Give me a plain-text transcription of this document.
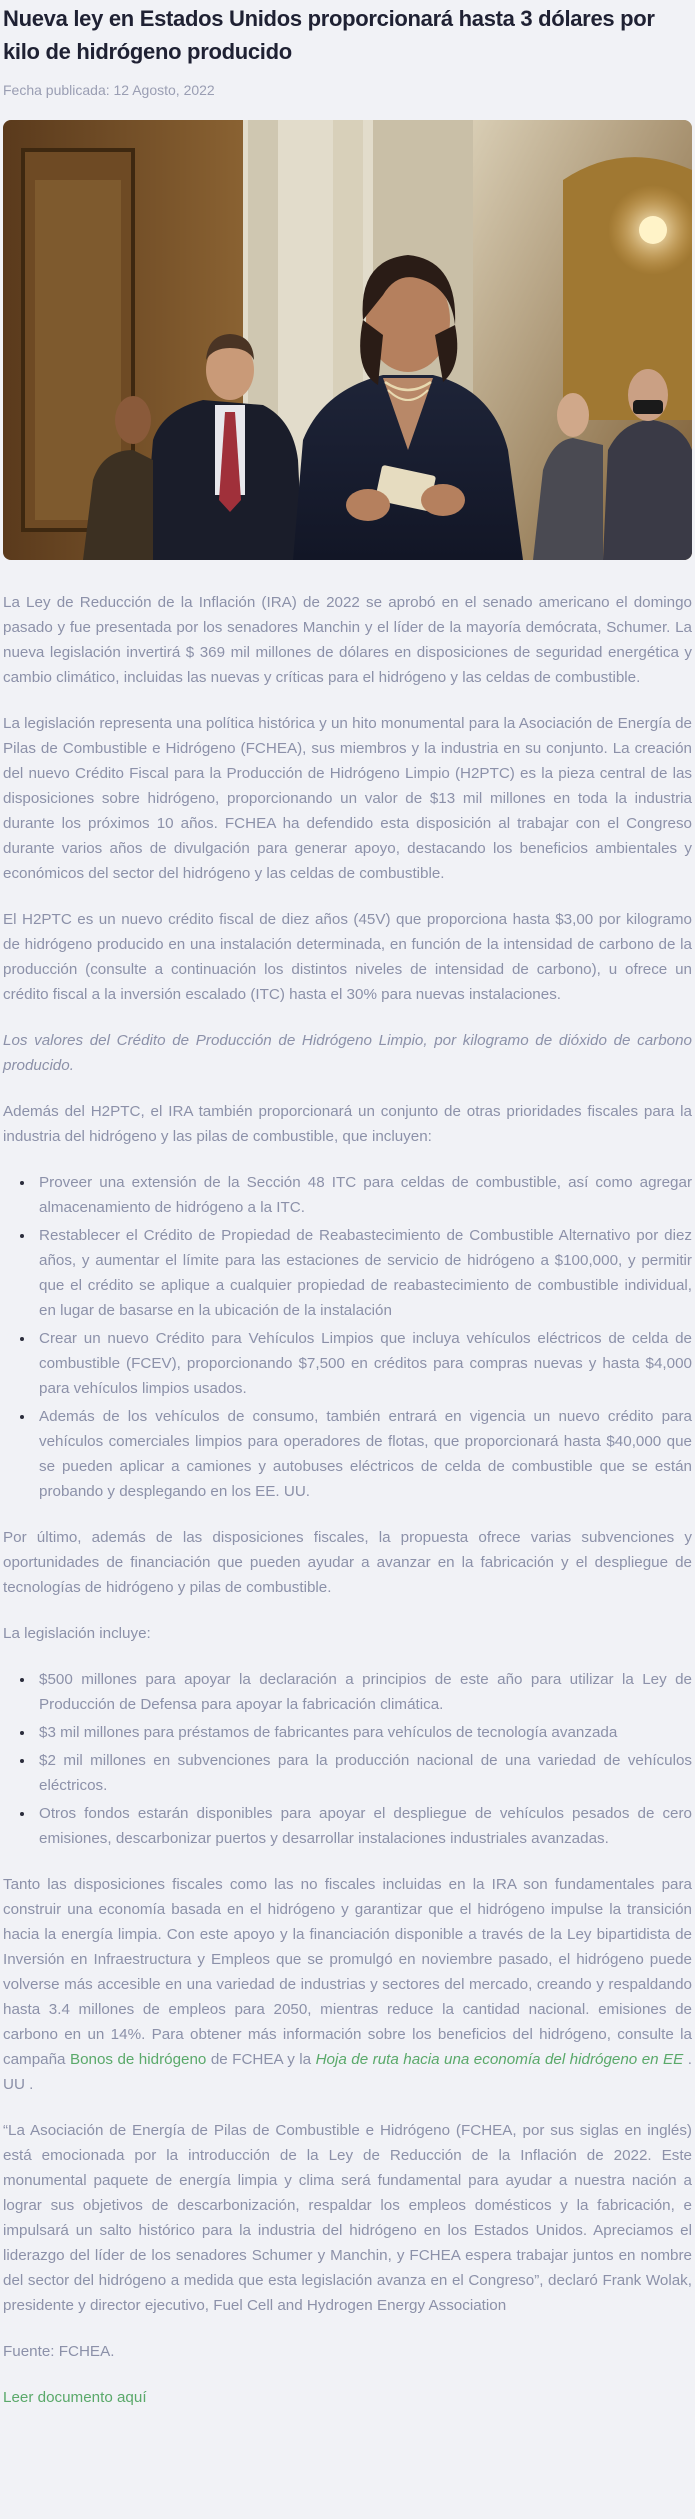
Nueva ley en Estados Unidos proporcionará hasta 3 dólares por kilo de hidrógeno producido
Fecha publicada: 12 Agosto, 2022

La Ley de Reducción de la Inflación (IRA) de 2022 se aprobó en el senado americano el domingo pasado y fue presentada por los senadores Manchin y el líder de la mayoría demócrata, Schumer. La nueva legislación invertirá $ 369 mil millones de dólares en disposiciones de seguridad energética y cambio climático, incluidas las nuevas y críticas para el hidrógeno y las celdas de combustible.

La legislación representa una política histórica y un hito monumental para la Asociación de Energía de Pilas de Combustible e Hidrógeno (FCHEA), sus miembros y la industria en su conjunto. La creación del nuevo Crédito Fiscal para la Producción de Hidrógeno Limpio (H2PTC) es la pieza central de las disposiciones sobre hidrógeno, proporcionando un valor de $13 mil millones en toda la industria durante los próximos 10 años. FCHEA ha defendido esta disposición al trabajar con el Congreso durante varios años de divulgación para generar apoyo, destacando los beneficios ambientales y económicos del sector del hidrógeno y las celdas de combustible.

El H2PTC es un nuevo crédito fiscal de diez años (45V) que proporciona hasta $3,00 por kilogramo de hidrógeno producido en una instalación determinada, en función de la intensidad de carbono de la producción (consulte a continuación los distintos niveles de intensidad de carbono), u ofrece un crédito fiscal a la inversión escalado (ITC) hasta el 30% para nuevas instalaciones.

Los valores del Crédito de Producción de Hidrógeno Limpio, por kilogramo de dióxido de carbono producido.

Además del H2PTC, el IRA también proporcionará un conjunto de otras prioridades fiscales para la industria del hidrógeno y las pilas de combustible, que incluyen:

• Proveer una extensión de la Sección 48 ITC para celdas de combustible, así como agregar almacenamiento de hidrógeno a la ITC.
• Restablecer el Crédito de Propiedad de Reabastecimiento de Combustible Alternativo por diez años, y aumentar el límite para las estaciones de servicio de hidrógeno a $100,000, y permitir que el crédito se aplique a cualquier propiedad de reabastecimiento de combustible individual, en lugar de basarse en la ubicación de la instalación
• Crear un nuevo Crédito para Vehículos Limpios que incluya vehículos eléctricos de celda de combustible (FCEV), proporcionando $7,500 en créditos para compras nuevas y hasta $4,000 para vehículos limpios usados.
• Además de los vehículos de consumo, también entrará en vigencia un nuevo crédito para vehículos comerciales limpios para operadores de flotas, que proporcionará hasta $40,000 que se pueden aplicar a camiones y autobuses eléctricos de celda de combustible que se están probando y desplegando en los EE. UU.

Por último, además de las disposiciones fiscales, la propuesta ofrece varias subvenciones y oportunidades de financiación que pueden ayudar a avanzar en la fabricación y el despliegue de tecnologías de hidrógeno y pilas de combustible.

La legislación incluye:

• $500 millones para apoyar la declaración a principios de este año para utilizar la Ley de Producción de Defensa para apoyar la fabricación climática.
• $3 mil millones para préstamos de fabricantes para vehículos de tecnología avanzada
• $2 mil millones en subvenciones para la producción nacional de una variedad de vehículos eléctricos.
• Otros fondos estarán disponibles para apoyar el despliegue de vehículos pesados de cero emisiones, descarbonizar puertos y desarrollar instalaciones industriales avanzadas.

Tanto las disposiciones fiscales como las no fiscales incluidas en la IRA son fundamentales para construir una economía basada en el hidrógeno y garantizar que el hidrógeno impulse la transición hacia la energía limpia. Con este apoyo y la financiación disponible a través de la Ley bipartidista de Inversión en Infraestructura y Empleos que se promulgó en noviembre pasado, el hidrógeno puede volverse más accesible en una variedad de industrias y sectores del mercado, creando y respaldando hasta 3.4 millones de empleos para 2050, mientras reduce la cantidad nacional. emisiones de carbono en un 14%. Para obtener más información sobre los beneficios del hidrógeno, consulte la campaña Bonos de hidrógeno de FCHEA y la Hoja de ruta hacia una economía del hidrógeno en EE . UU .

“La Asociación de Energía de Pilas de Combustible e Hidrógeno (FCHEA, por sus siglas en inglés) está emocionada por la introducción de la Ley de Reducción de la Inflación de 2022. Este monumental paquete de energía limpia y clima será fundamental para ayudar a nuestra nación a lograr sus objetivos de descarbonización, respaldar los empleos domésticos y la fabricación, e impulsará un salto histórico para la industria del hidrógeno en los Estados Unidos. Apreciamos el liderazgo del líder de los senadores Schumer y Manchin, y FCHEA espera trabajar juntos en nombre del sector del hidrógeno a medida que esta legislación avanza en el Congreso”, declaró Frank Wolak, presidente y director ejecutivo, Fuel Cell and Hydrogen Energy Association

Fuente: FCHEA.

Leer documento aquí
